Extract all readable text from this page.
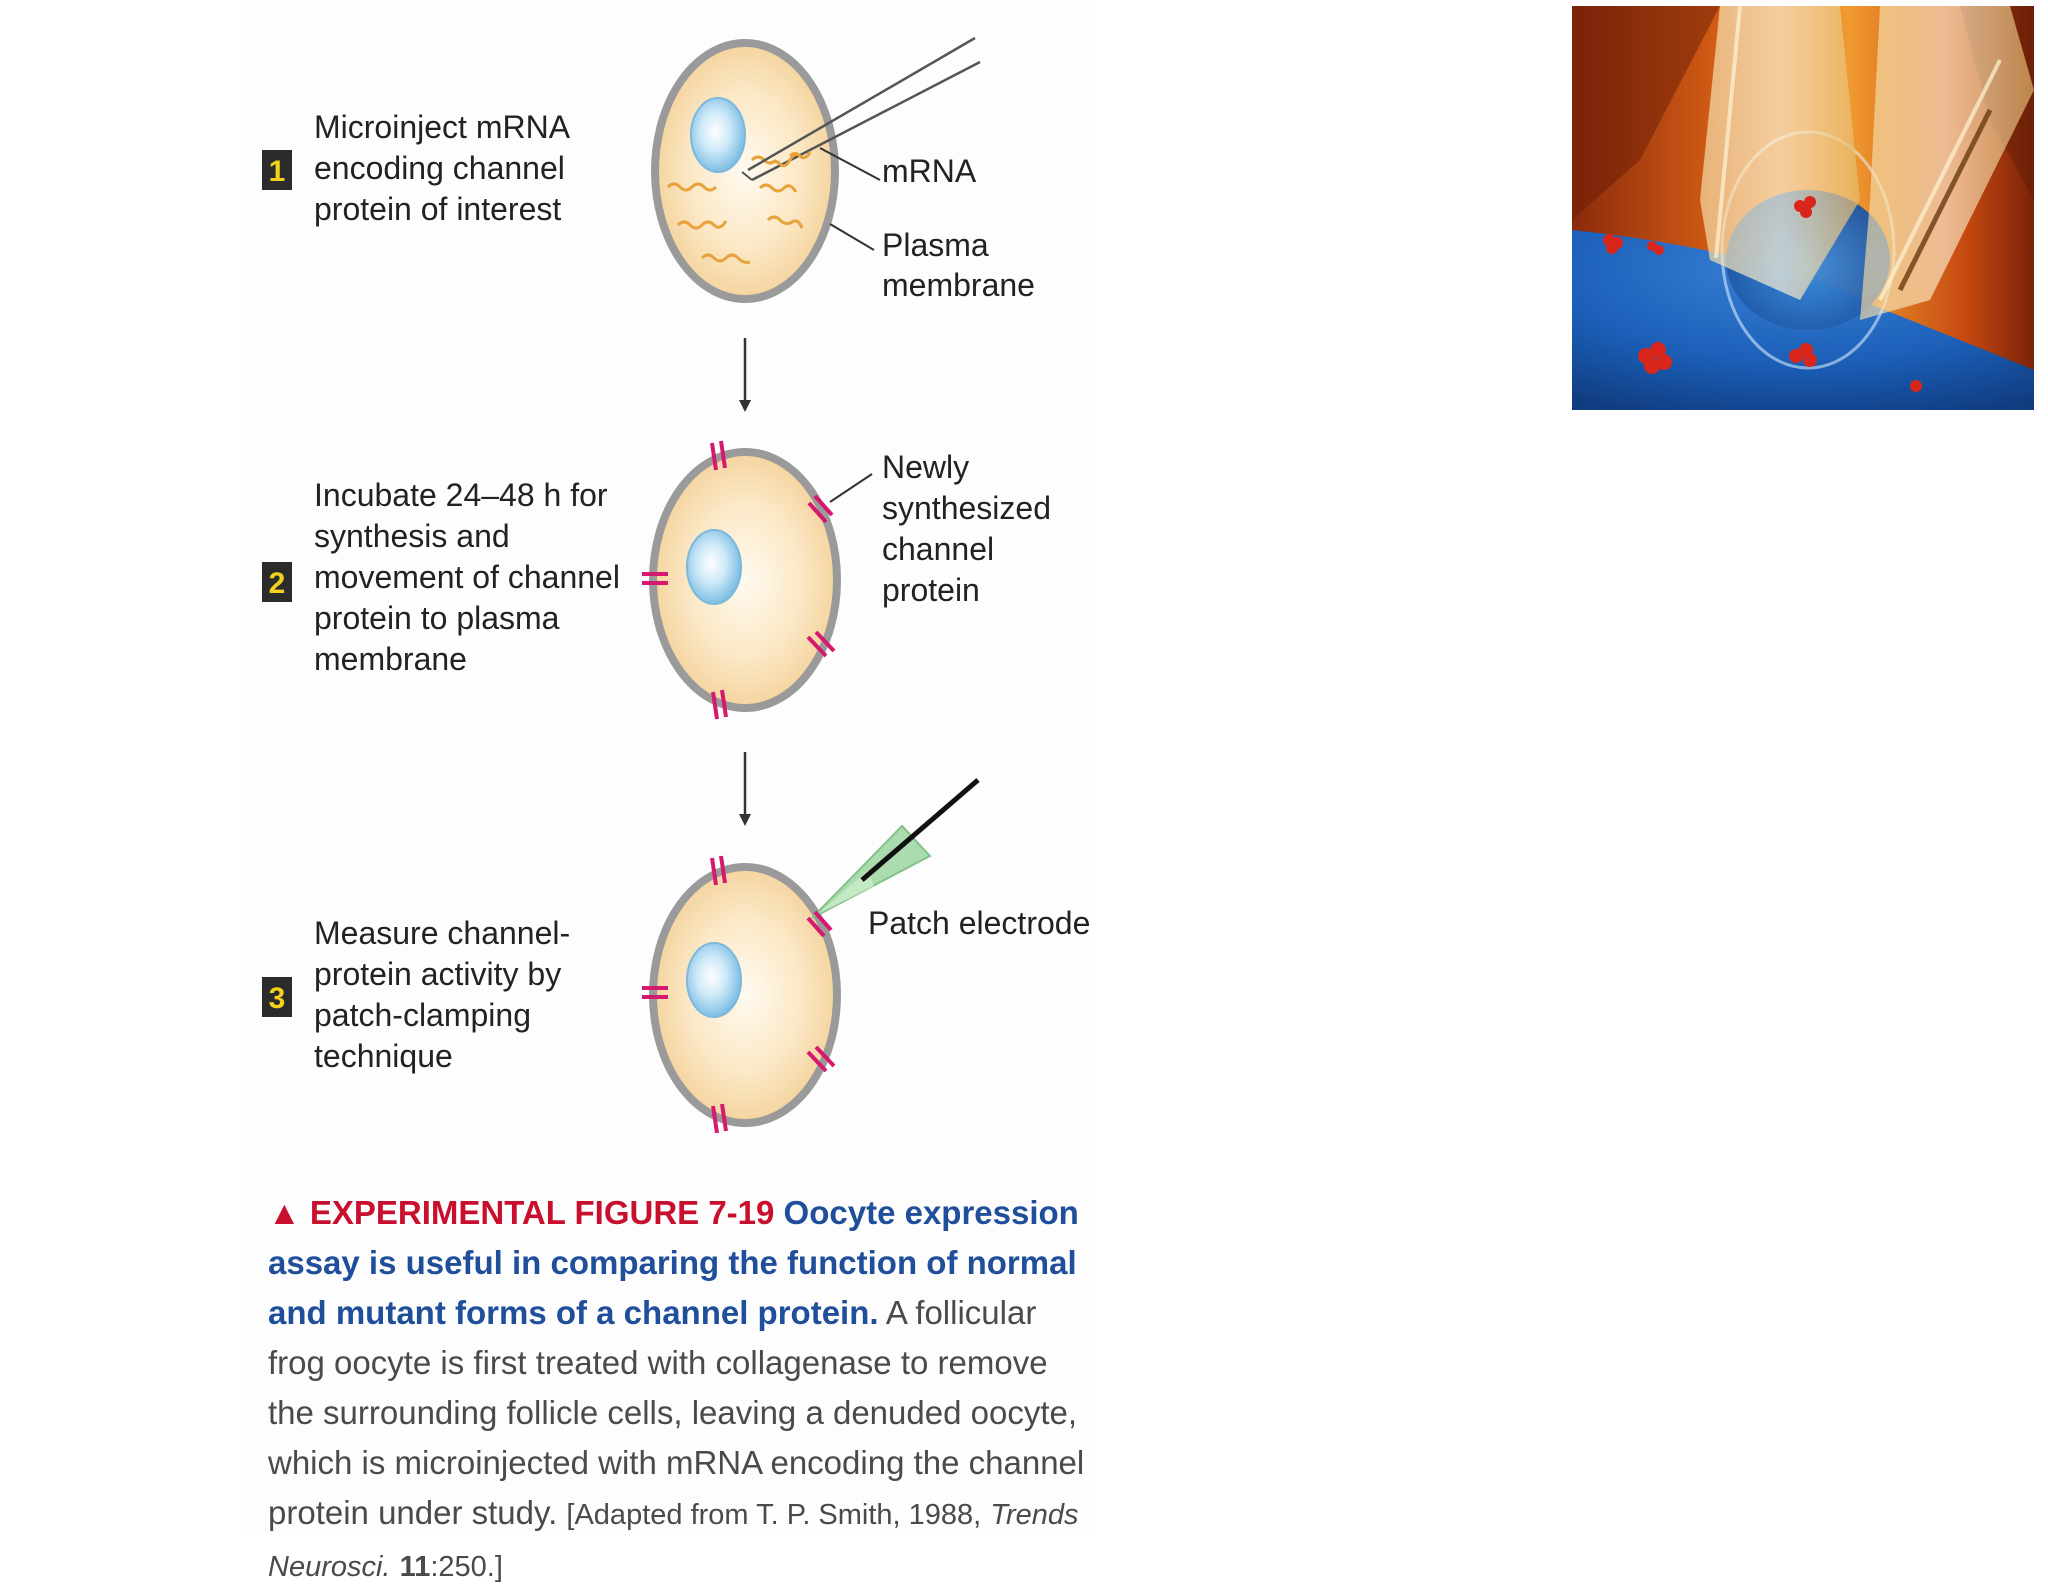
1
2
3
Microinject mRNA
encoding channel
protein of interest
Incubate 24–48 h for
synthesis and
movement of channel
protein to plasma
membrane
Measure channel-
protein activity by
patch-clamping
technique
mRNA
Plasma
membrane
Newly
synthesized
channel
protein
Patch electrode
▲ EXPERIMENTAL FIGURE 7-19 Oocyte expression assay is useful in comparing the function of normal and mutant forms of a channel protein. A follicular frog oocyte is first treated with collagenase to remove the surrounding follicle cells, leaving a denuded oocyte, which is microinjected with mRNA encoding the channel protein under study. [Adapted from T. P. Smith, 1988, Trends Neurosci. 11:250.]
